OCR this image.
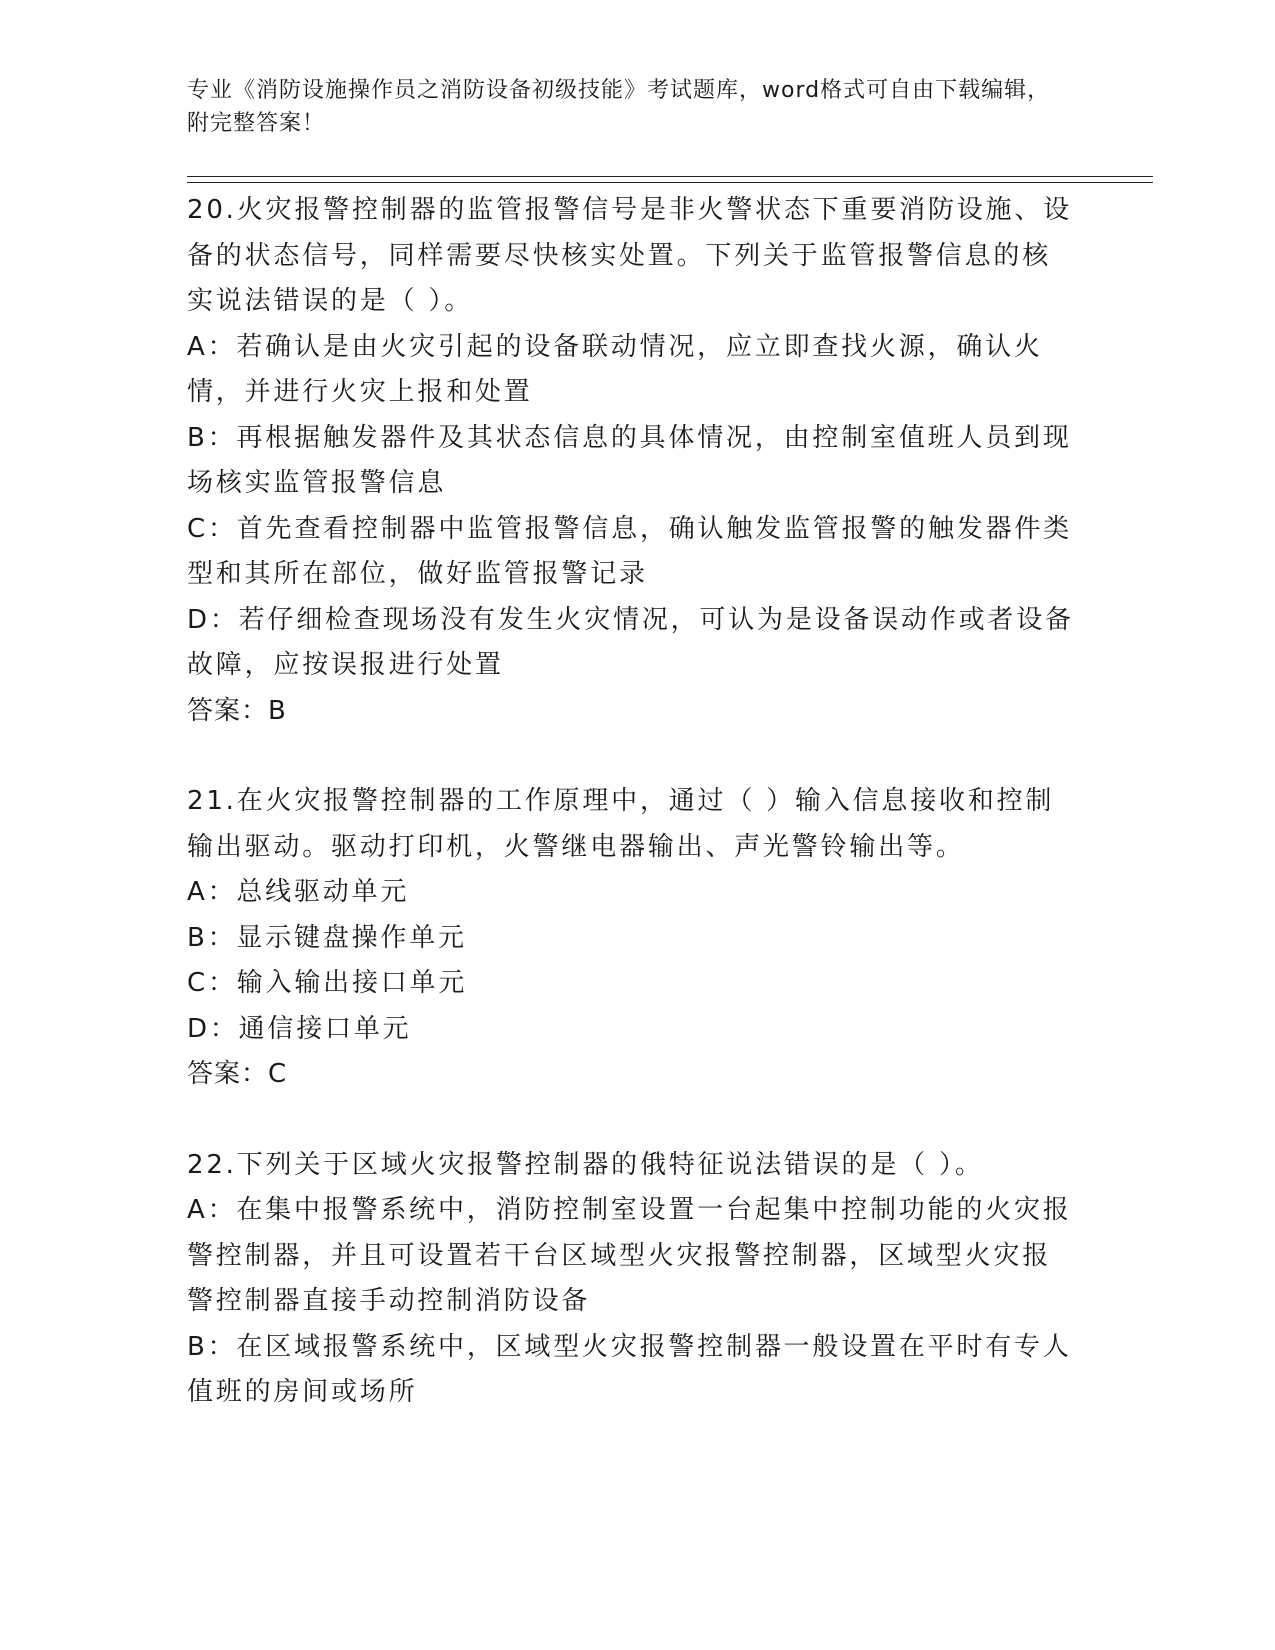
专业《消防设施操作员之消防设备初级技能》考试题库，word格式可自由下载编辑，附完整答案！
20.火灾报警控制器的监管报警信号是非火警状态下重要消防设施、设备的状态信号，同样需要尽快核实处置。下列关于监管报警信息的核实说法错误的是（ ）。
A：若确认是由火灾引起的设备联动情况，应立即查找火源，确认火情，并进行火灾上报和处置
B：再根据触发器件及其状态信息的具体情况，由控制室值班人员到现场核实监管报警信息
C：首先查看控制器中监管报警信息，确认触发监管报警的触发器件类型和其所在部位，做好监管报警记录
D：若仔细检查现场没有发生火灾情况，可认为是设备误动作或者设备故障，应按误报进行处置
答案：B
21.在火灾报警控制器的工作原理中，通过（ ）输入信息接收和控制输出驱动。驱动打印机，火警继电器输出、声光警铃输出等。
A：总线驱动单元
B：显示键盘操作单元
C：输入输出接口单元
D：通信接口单元
答案：C
22.下列关于区域火灾报警控制器的俄特征说法错误的是（ ）。
A：在集中报警系统中，消防控制室设置一台起集中控制功能的火灾报警控制器，并且可设置若干台区域型火灾报警控制器，区域型火灾报警控制器直接手动控制消防设备
B：在区域报警系统中，区域型火灾报警控制器一般设置在平时有专人值班的房间或场所
